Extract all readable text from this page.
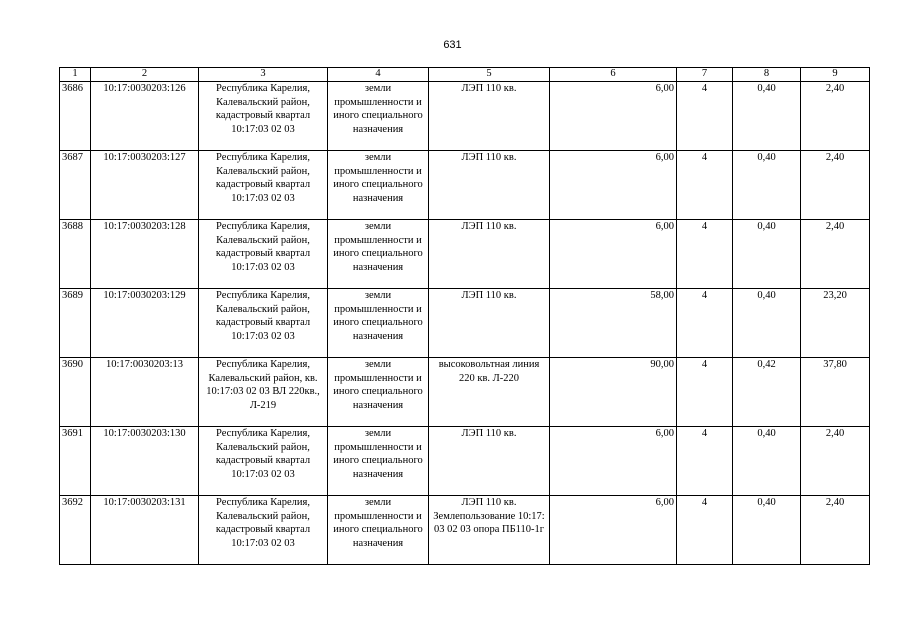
631
1	2	3	4	5	6	7	8	9
3686	10:17:0030203:126	Республика Карелия, Калевальский район, кадастровый квартал 10:17:03 02 03	земли промышленности и иного специального назначения	ЛЭП 110 кв.	6,00	4	0,40	2,40
3687	10:17:0030203:127	Республика Карелия, Калевальский район, кадастровый квартал 10:17:03 02 03	земли промышленности и иного специального назначения	ЛЭП 110 кв.	6,00	4	0,40	2,40
3688	10:17:0030203:128	Республика Карелия, Калевальский район, кадастровый квартал 10:17:03 02 03	земли промышленности и иного специального назначения	ЛЭП 110 кв.	6,00	4	0,40	2,40
3689	10:17:0030203:129	Республика Карелия, Калевальский район, кадастровый квартал 10:17:03 02 03	земли промышленности и иного специального назначения	ЛЭП 110 кв.	58,00	4	0,40	23,20
3690	10:17:0030203:13	Республика Карелия, Калевальский район, кв. 10:17:03 02 03 ВЛ 220кв., Л-219	земли промышленности и иного специального назначения	высоковольтная линия 220 кв. Л-220	90,00	4	0,42	37,80
3691	10:17:0030203:130	Республика Карелия, Калевальский район, кадастровый квартал 10:17:03 02 03	земли промышленности и иного специального назначения	ЛЭП 110 кв.	6,00	4	0,40	2,40
3692	10:17:0030203:131	Республика Карелия, Калевальский район, кадастровый квартал 10:17:03 02 03	земли промышленности и иного специального назначения	ЛЭП 110 кв. Землепользование 10:17: 03 02 03 опора ПБ110-1г	6,00	4	0,40	2,40
